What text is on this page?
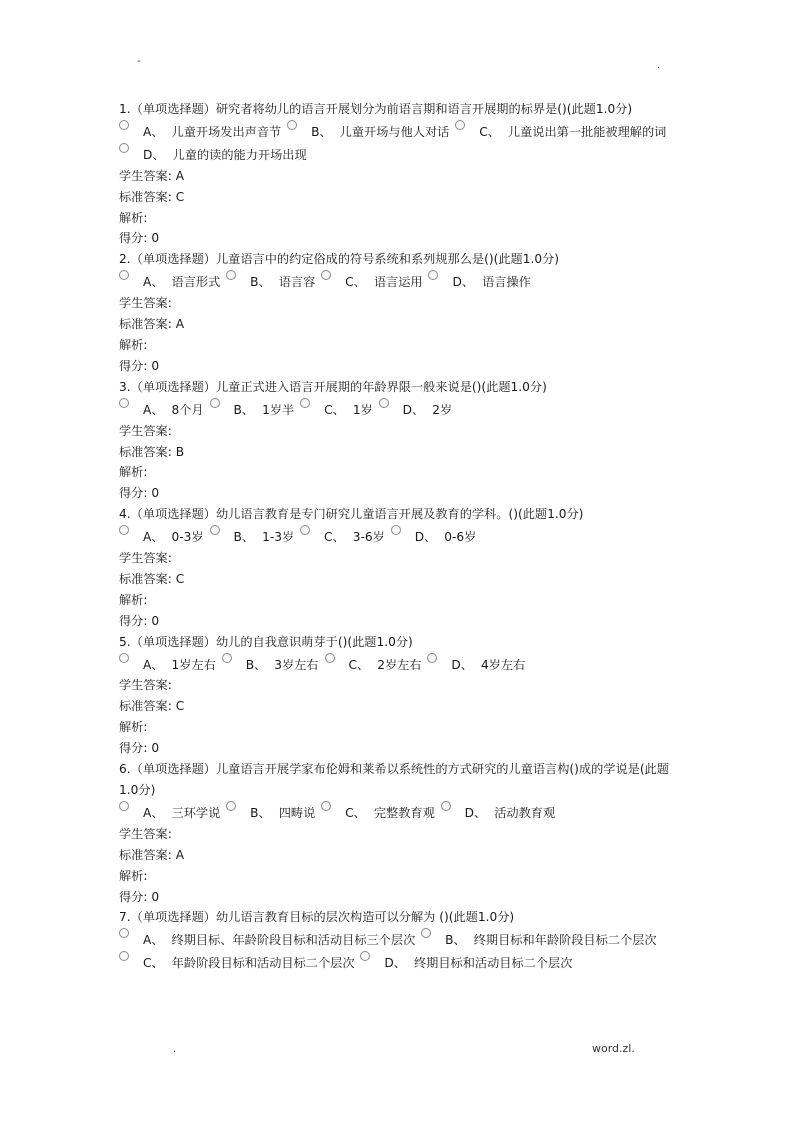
-	.
1.（单项选择题）研究者将幼儿的语言开展划分为前语言期和语言开展期的标界是()(此题1.0分)
A、 儿童开场发出声音节 B、 儿童开场与他人对话 C、 儿童说出第一批能被理解的词 D、 儿童的读的能力开场出现
学生答案: A
标准答案: C
解析:
得分: 0
2.（单项选择题）儿童语言中的约定俗成的符号系统和系列规那么是()(此题1.0分)
A、 语言形式 B、 语言容 C、 语言运用 D、 语言操作
学生答案:
标准答案: A
解析:
得分: 0
3.（单项选择题）儿童正式进入语言开展期的年龄界限一般来说是()(此题1.0分)
A、 8个月 B、 1岁半 C、 1岁 D、 2岁
学生答案:
标准答案: B
解析:
得分: 0
4.（单项选择题）幼儿语言教育是专门研究儿童语言开展及教育的学科。()(此题1.0分)
A、 0-3岁 B、 1-3岁 C、 3-6岁 D、 0-6岁
学生答案:
标准答案: C
解析:
得分: 0
5.（单项选择题）幼儿的自我意识萌芽于()(此题1.0分)
A、 1岁左右 B、 3岁左右 C、 2岁左右 D、 4岁左右
学生答案:
标准答案: C
解析:
得分: 0
6.（单项选择题）儿童语言开展学家布伦姆和莱希以系统性的方式研究的儿童语言构()成的学说是(此题1.0分)
A、 三环学说 B、 四畴说 C、 完整教育观 D、 活动教育观
学生答案:
标准答案: A
解析:
得分: 0
7.（单项选择题）幼儿语言教育目标的层次构造可以分解为 ()(此题1.0分)
A、 终期目标、年龄阶段目标和活动目标三个层次 B、 终期目标和年龄阶段目标二个层次 C、 年龄阶段目标和活动目标二个层次 D、 终期目标和活动目标二个层次
.	word.zl.
